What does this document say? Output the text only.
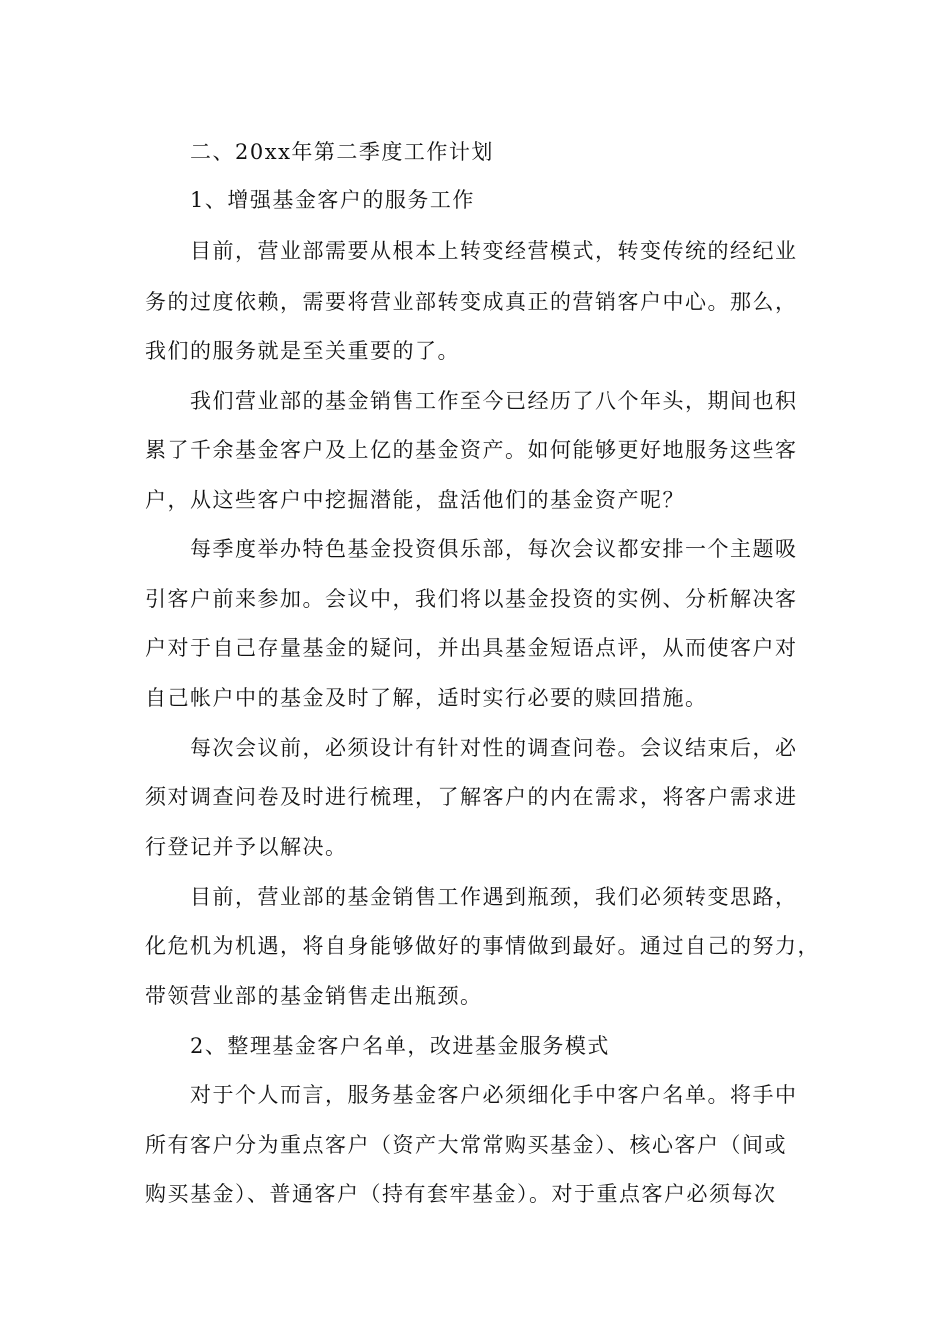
二、20xx年第二季度工作计划
1、增强基金客户的服务工作
目前，营业部需要从根本上转变经营模式，转变传统的经纪业
务的过度依赖，需要将营业部转变成真正的营销客户中心。那么，
我们的服务就是至关重要的了。
我们营业部的基金销售工作至今已经历了八个年头，期间也积
累了千余基金客户及上亿的基金资产。如何能够更好地服务这些客
户，从这些客户中挖掘潜能，盘活他们的基金资产呢？
每季度举办特色基金投资俱乐部，每次会议都安排一个主题吸
引客户前来参加。会议中，我们将以基金投资的实例、分析解决客
户对于自己存量基金的疑问，并出具基金短语点评，从而使客户对
自己帐户中的基金及时了解，适时实行必要的赎回措施。
每次会议前，必须设计有针对性的调查问卷。会议结束后，必
须对调查问卷及时进行梳理，了解客户的内在需求，将客户需求进
行登记并予以解决。
目前，营业部的基金销售工作遇到瓶颈，我们必须转变思路，
化危机为机遇，将自身能够做好的事情做到最好。通过自己的努力，
带领营业部的基金销售走出瓶颈。
2、整理基金客户名单，改进基金服务模式
对于个人而言，服务基金客户必须细化手中客户名单。将手中
所有客户分为重点客户（资产大常常购买基金）、核心客户（间或
购买基金）、普通客户（持有套牢基金）。对于重点客户必须每次
